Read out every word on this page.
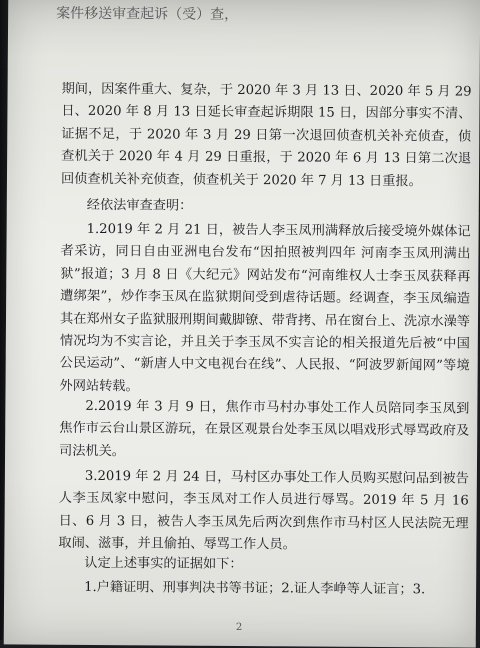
案件移送审查起诉（受）查，
期间，因案件重大、复杂，于 2020 年 3 月 13 日、2020 年 5 月 29 日、2020 年 8 月 13 日延长审查起诉期限 15 日，因部分事实不清、证据不足，于 2020 年 3 月 29 日第一次退回侦查机关补充侦查，侦查机关于 2020 年 4 月 29 日重报，于 2020 年 6 月 13 日第二次退回侦查机关补充侦查，侦查机关于 2020 年 7 月 13 日重报。
经依法审查查明：
1.2019 年 2 月 21 日，被告人李玉凤刑满释放后接受境外媒体记者采访，同日自由亚洲电台发布“因拍照被判四年 河南李玉凤刑满出狱”报道；3 月 8 日《大纪元》网站发布“河南维权人士李玉凤获释再遭绑架”，炒作李玉凤在监狱期间受到虐待话题。经调查，李玉凤编造其在郑州女子监狱服刑期间戴脚镣、带背拷、吊在窗台上、洗凉水澡等情况均为不实言论，并且关于李玉凤不实言论的相关报道先后被“中国公民运动”、“新唐人中文电视台在线”、人民报、“阿波罗新闻网”等境外网站转载。
2.2019 年 3 月 9 日，焦作市马村办事处工作人员陪同李玉凤到焦作市云台山景区游玩，在景区观景台处李玉凤以唱戏形式辱骂政府及司法机关。
3.2019 年 2 月 24 日，马村区办事处工作人员购买慰问品到被告人李玉凤家中慰问，李玉凤对工作人员进行辱骂。2019 年 5 月 16 日、6 月 3 日，被告人李玉凤先后两次到焦作市马村区人民法院无理取闹、滋事，并且偷拍、辱骂工作人员。
认定上述事实的证据如下：
1.户籍证明、刑事判决书等书证；2.证人李峥等人证言；3.
2
